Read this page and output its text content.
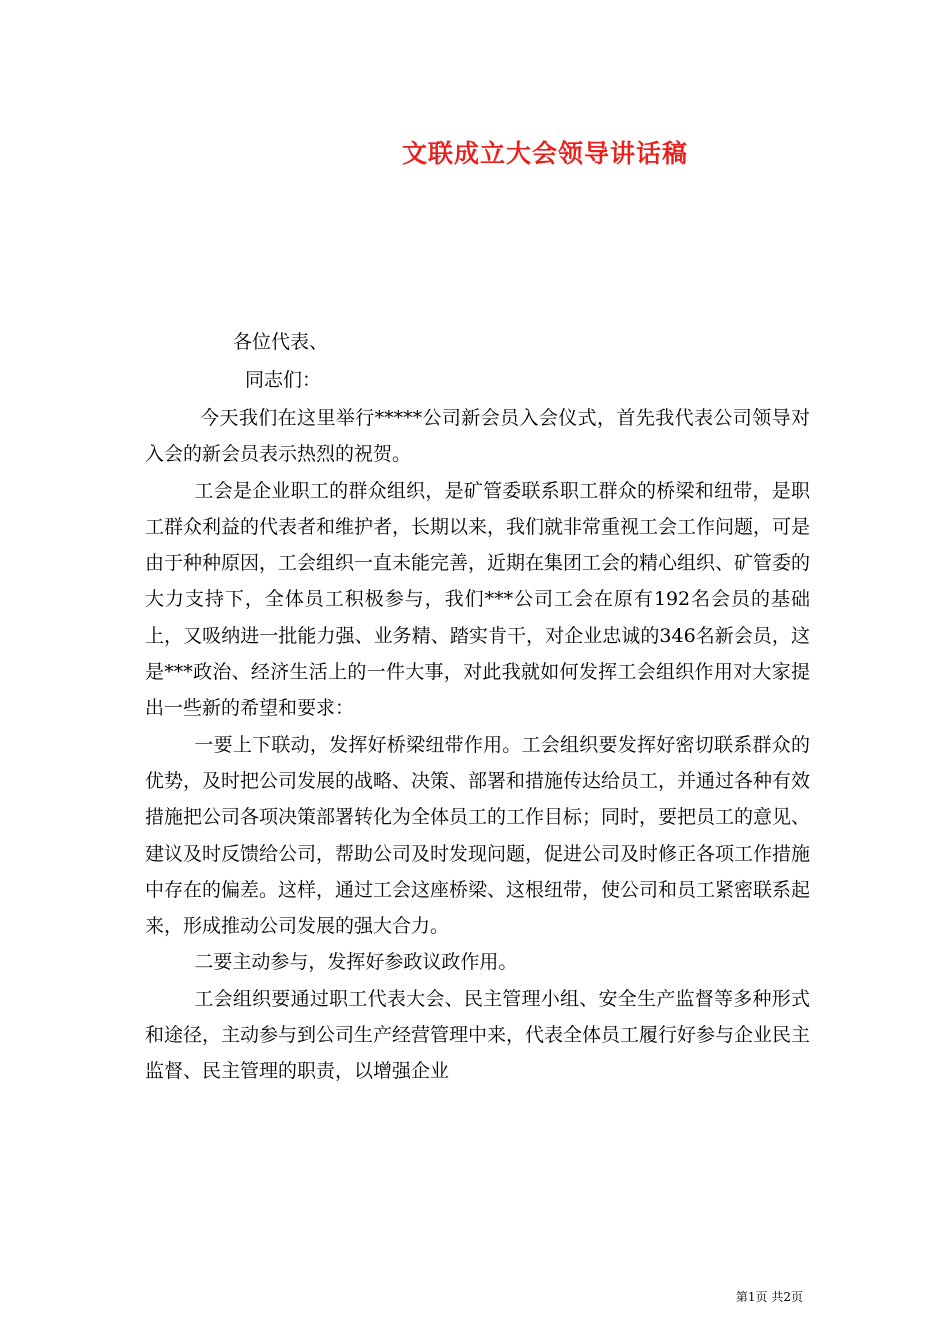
文联成立大会领导讲话稿
各位代表、
同志们：

今天我们在这里举行*****公司新会员入会仪式，首先我代表公司领导对入会的新会员表示热烈的祝贺。

工会是企业职工的群众组织，是矿管委联系职工群众的桥梁和纽带，是职工群众利益的代表者和维护者，长期以来，我们就非常重视工会工作问题，可是由于种种原因，工会组织一直未能完善，近期在集团工会的精心组织、矿管委的大力支持下，全体员工积极参与，我们***公司工会在原有192名会员的基础上，又吸纳进一批能力强、业务精、踏实肯干，对企业忠诚的346名新会员，这是***政治、经济生活上的一件大事，对此我就如何发挥工会组织作用对大家提出一些新的希望和要求：

一要上下联动，发挥好桥梁纽带作用。工会组织要发挥好密切联系群众的优势，及时把公司发展的战略、决策、部署和措施传达给员工，并通过各种有效措施把公司各项决策部署转化为全体员工的工作目标；同时，要把员工的意见、建议及时反馈给公司，帮助公司及时发现问题，促进公司及时修正各项工作措施中存在的偏差。这样，通过工会这座桥梁、这根纽带，使公司和员工紧密联系起来，形成推动公司发展的强大合力。

二要主动参与，发挥好参政议政作用。

工会组织要通过职工代表大会、民主管理小组、安全生产监督等多种形式和途径，主动参与到公司生产经营管理中来，代表全体员工履行好参与企业民主监督、民主管理的职责，以增强企业

第1页 共2页
